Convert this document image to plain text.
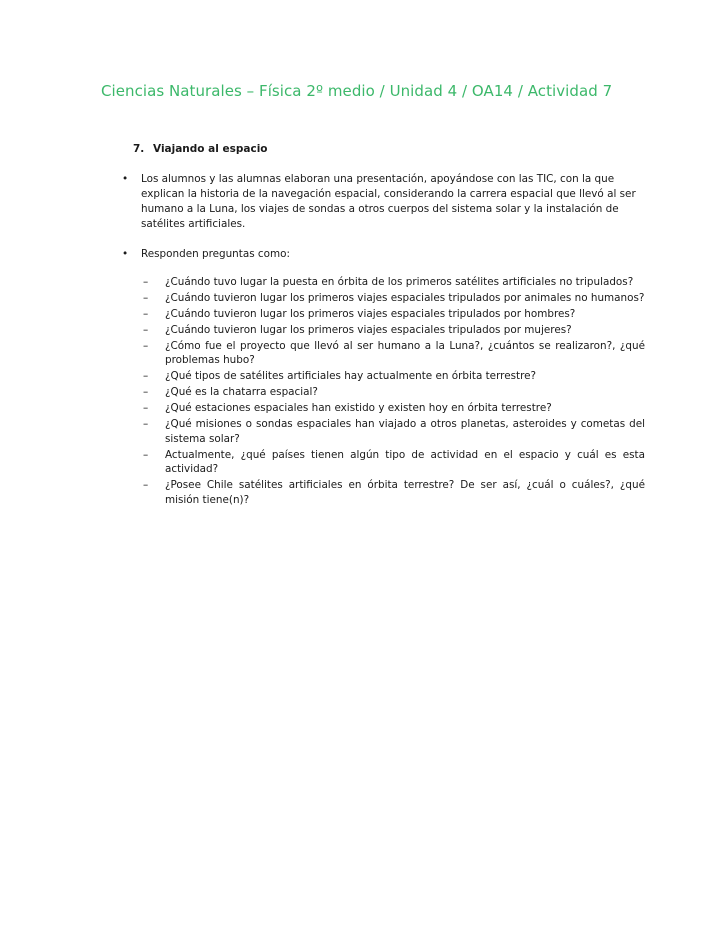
Ciencias Naturales – Física 2º medio / Unidad 4 / OA14 / Actividad 7
7. Viajando al espacio
•	Los alumnos y las alumnas elaboran una presentación, apoyándose con las TIC, con la que explican la historia de la navegación espacial, considerando la carrera espacial que llevó al ser humano a la Luna, los viajes de sondas a otros cuerpos del sistema solar y la instalación de satélites artificiales.
•	Responden preguntas como:
– ¿Cuándo tuvo lugar la puesta en órbita de los primeros satélites artificiales no tripulados?
– ¿Cuándo tuvieron lugar los primeros viajes espaciales tripulados por animales no humanos?
– ¿Cuándo tuvieron lugar los primeros viajes espaciales tripulados por hombres?
– ¿Cuándo tuvieron lugar los primeros viajes espaciales tripulados por mujeres?
– ¿Cómo fue el proyecto que llevó al ser humano a la Luna?, ¿cuántos se realizaron?, ¿qué problemas hubo?
– ¿Qué tipos de satélites artificiales hay actualmente en órbita terrestre?
– ¿Qué es la chatarra espacial?
– ¿Qué estaciones espaciales han existido y existen hoy en órbita terrestre?
– ¿Qué misiones o sondas espaciales han viajado a otros planetas, asteroides y cometas del sistema solar?
– Actualmente, ¿qué países tienen algún tipo de actividad en el espacio y cuál es esta actividad?
– ¿Posee Chile satélites artificiales en órbita terrestre? De ser así, ¿cuál o cuáles?, ¿qué misión tiene(n)?
